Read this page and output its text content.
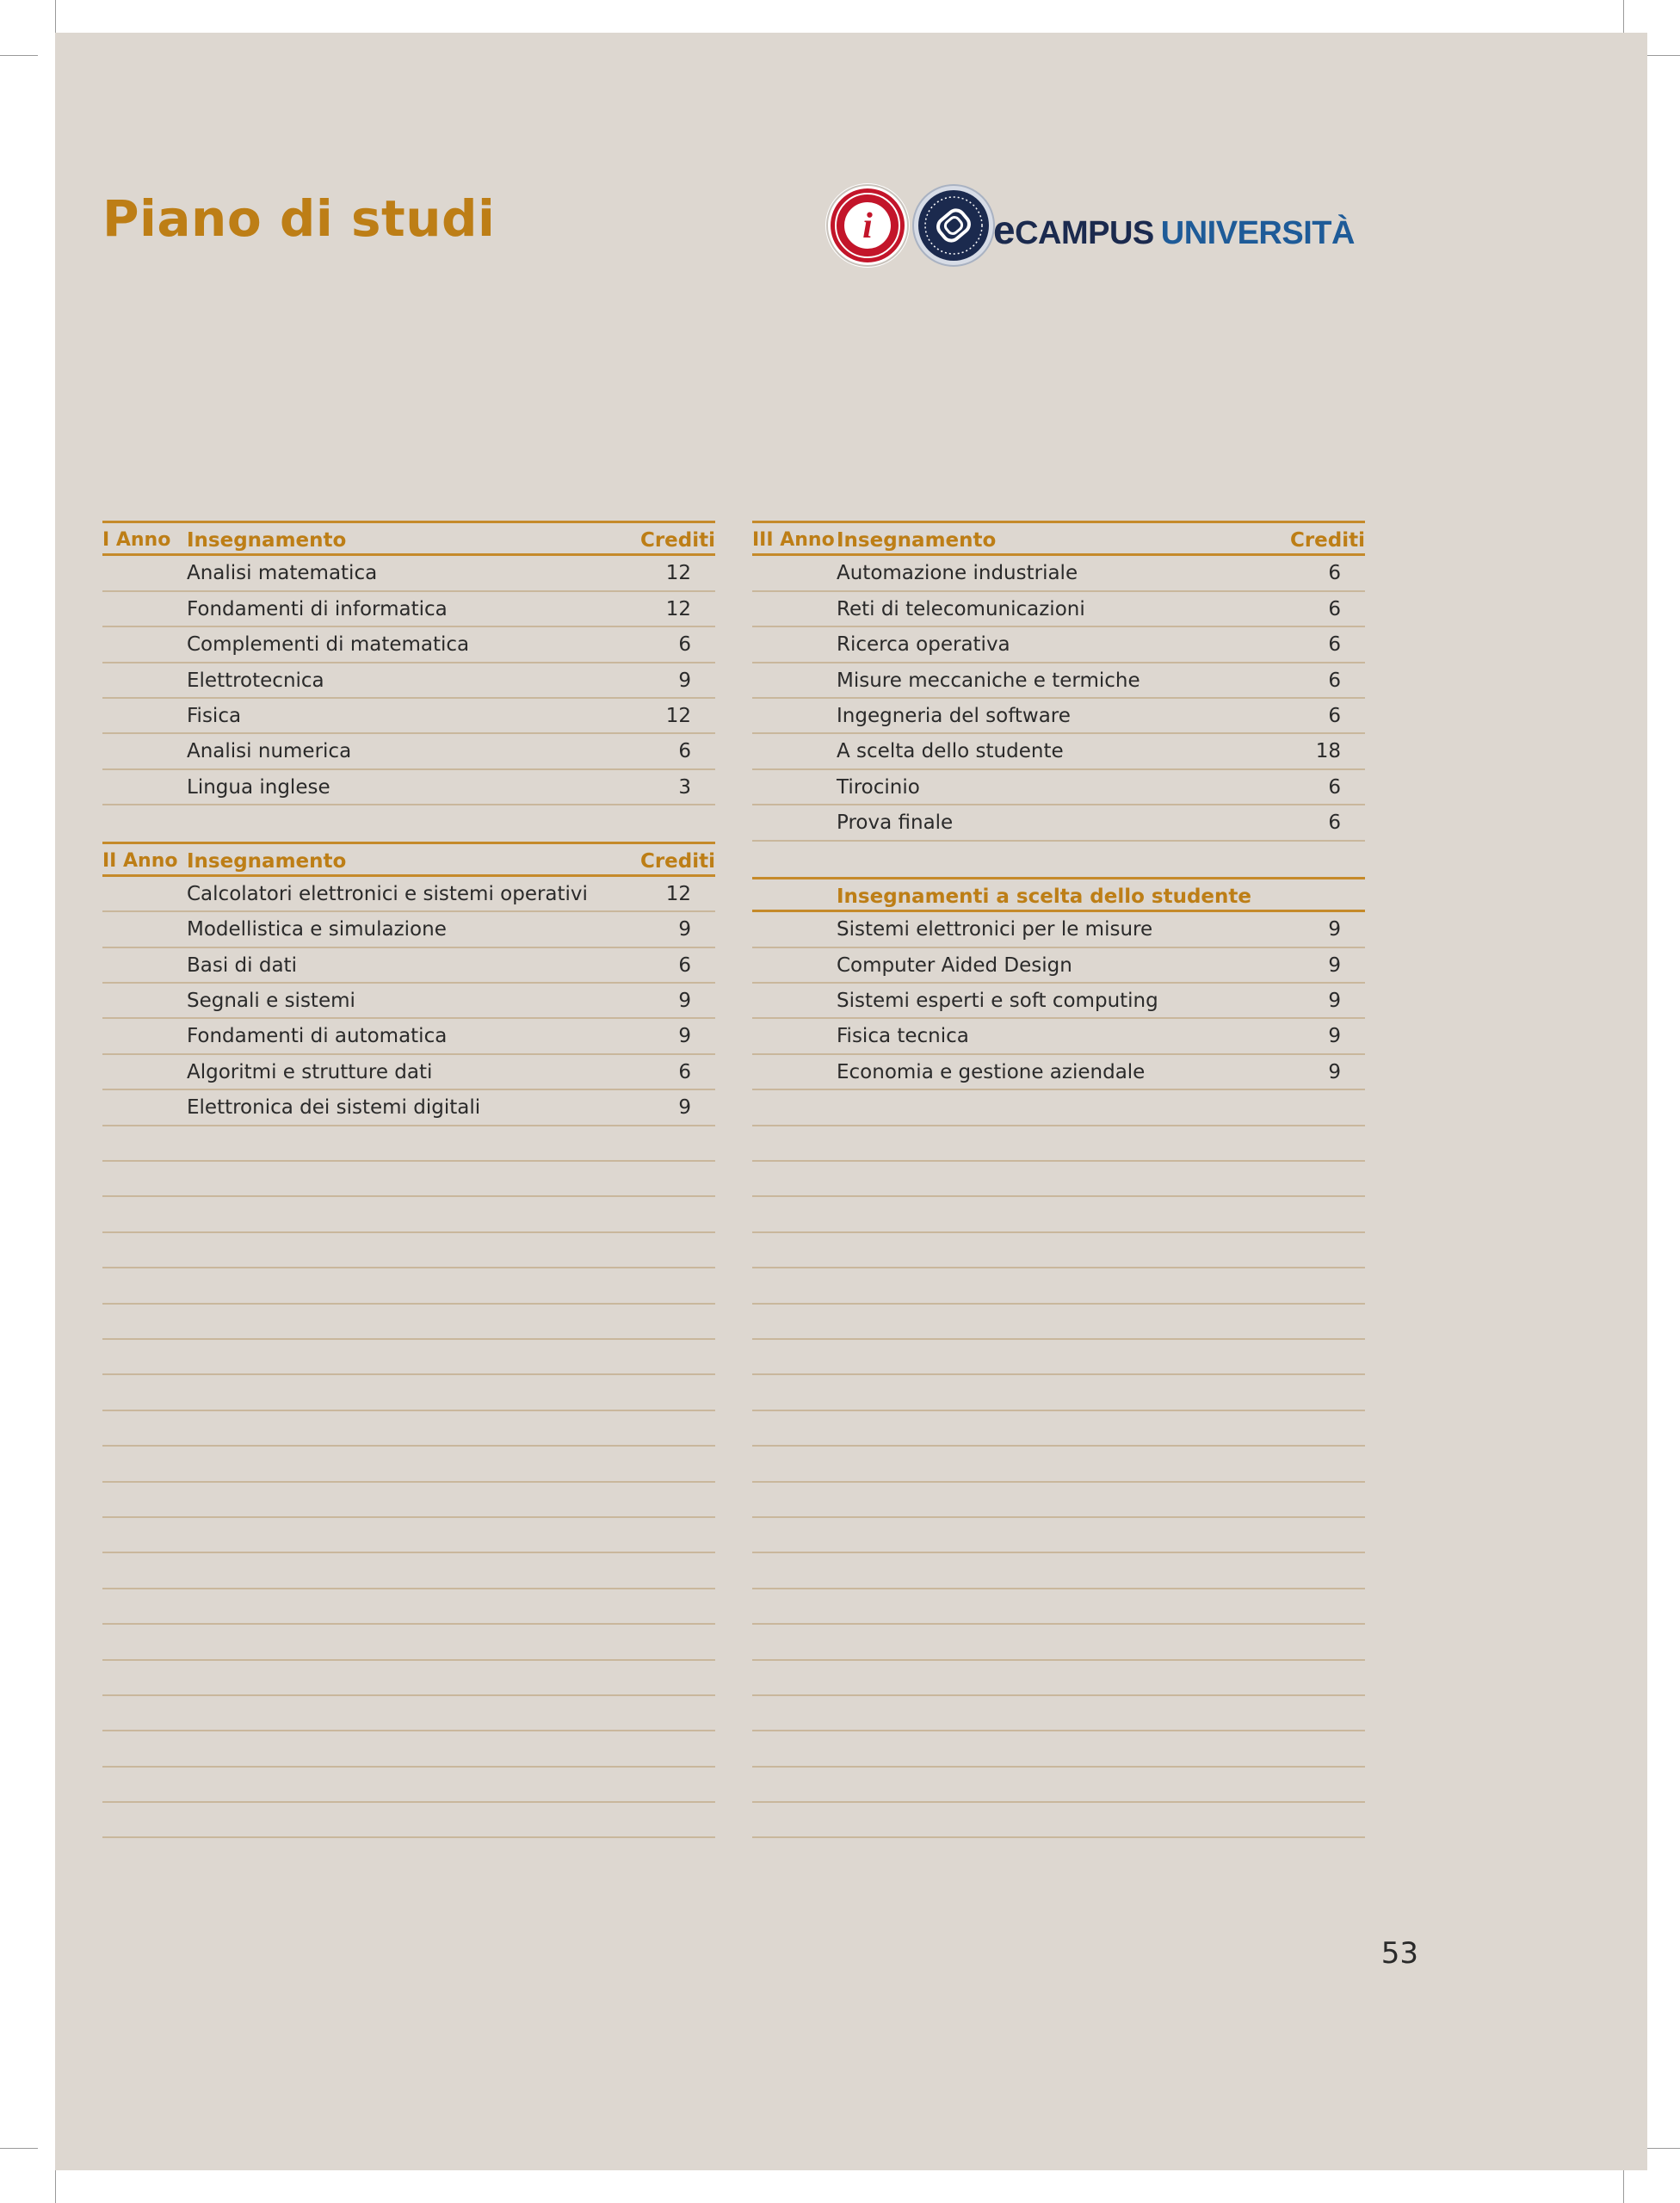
Piano di studi	i	eCAMPUS UNIVERSITÀ
I Anno Insegnamento	Crediti
Analisi matematica	12
Fondamenti di informatica	12
Complementi di matematica	6
Elettrotecnica	9
Fisica	12
Analisi numerica	6
Lingua inglese	3
II Anno Insegnamento	Crediti
Calcolatori elettronici e sistemi operativi	12
Modellistica e simulazione	9
Basi di dati	6
Segnali e sistemi	9
Fondamenti di automatica	9
Algoritmi e strutture dati	6
Elettronica dei sistemi digitali	9
III Anno Insegnamento	Crediti
Automazione industriale	6
Reti di telecomunicazioni	6
Ricerca operativa	6
Misure meccaniche e termiche	6
Ingegneria del software	6
A scelta dello studente	18
Tirocinio	6
Prova finale	6
Insegnamenti a scelta dello studente
Sistemi elettronici per le misure	9
Computer Aided Design	9
Sistemi esperti e soft computing	9
Fisica tecnica	9
Economia e gestione aziendale	9
53
